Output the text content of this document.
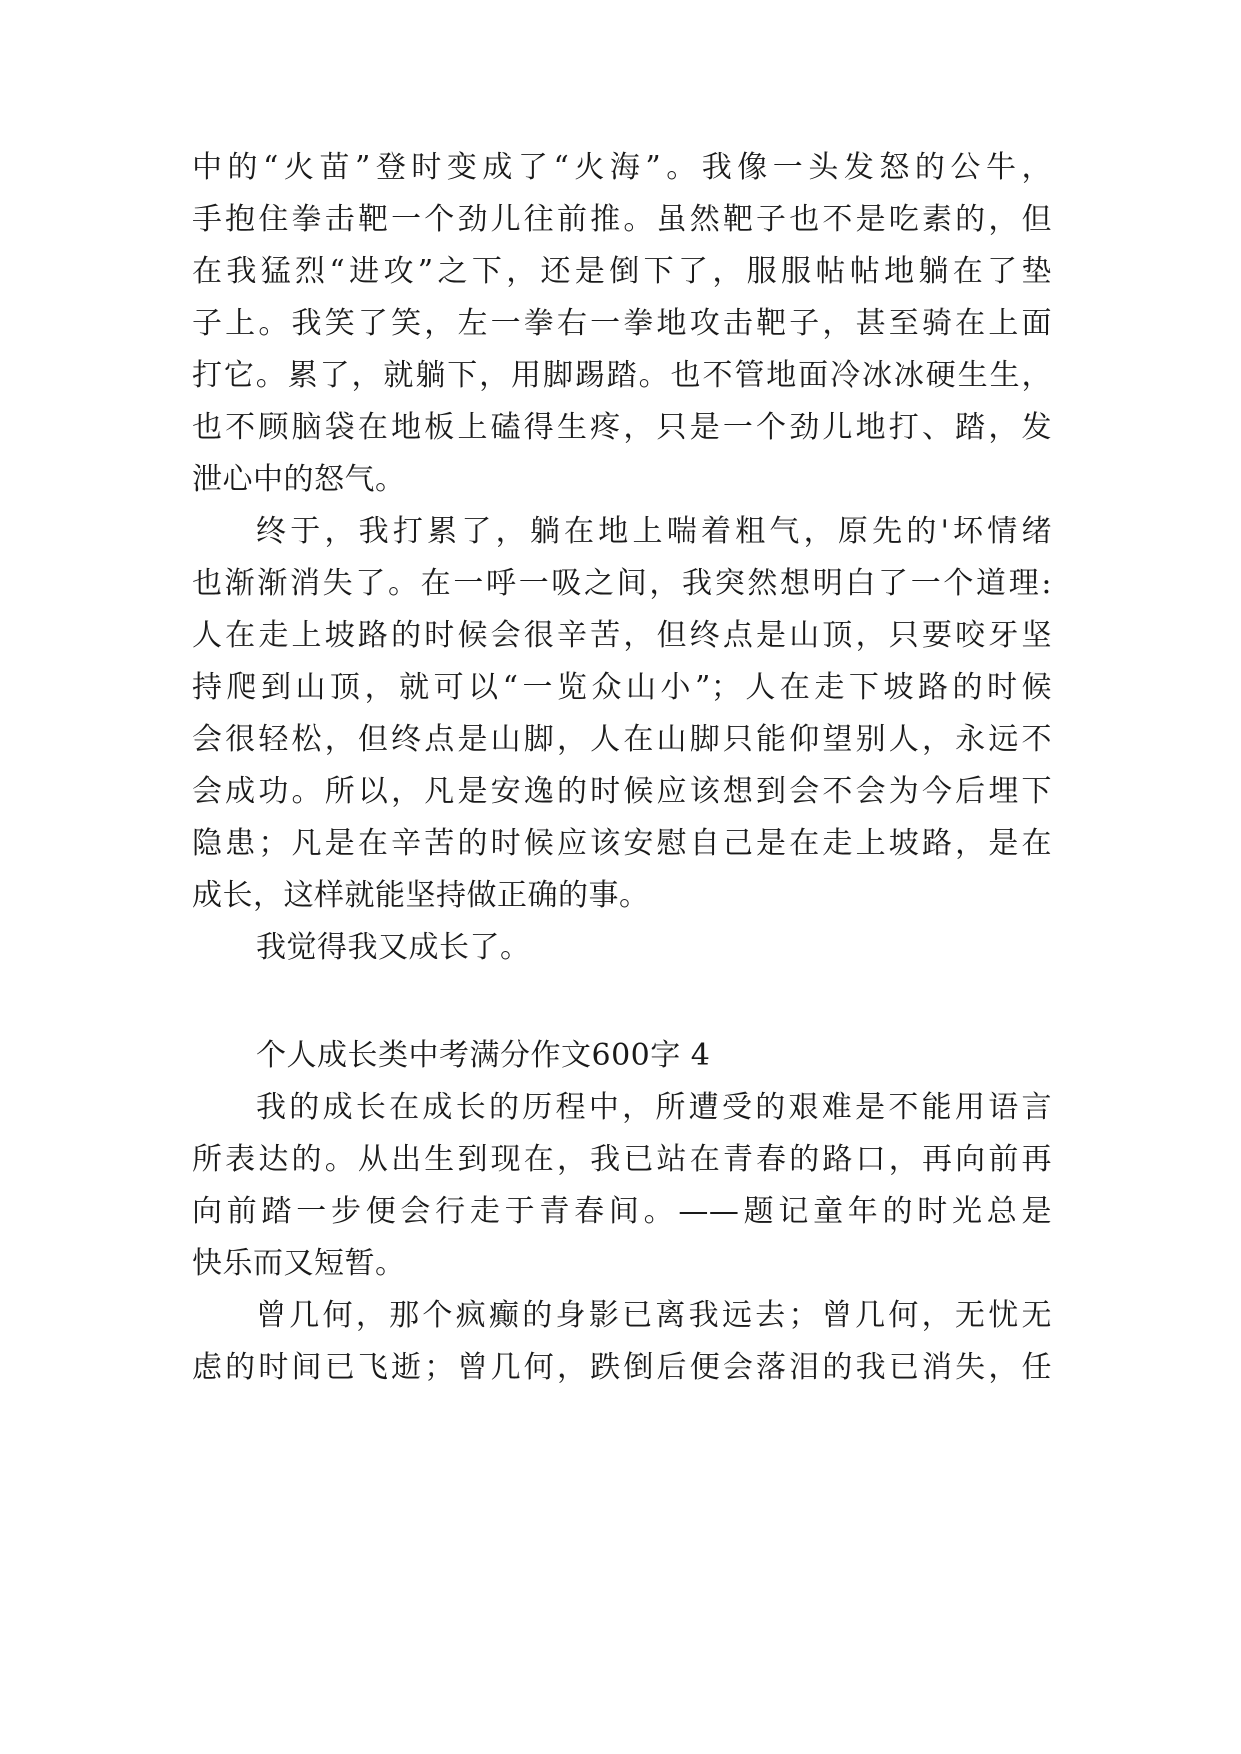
中的“火苗”登时变成了“火海”。我像一头发怒的公牛，
手抱住拳击靶一个劲儿往前推。虽然靶子也不是吃素的，但
在我猛烈“进攻”之下，还是倒下了，服服帖帖地躺在了垫
子上。我笑了笑，左一拳右一拳地攻击靶子，甚至骑在上面
打它。累了，就躺下，用脚踢踏。也不管地面冷冰冰硬生生，
也不顾脑袋在地板上磕得生疼，只是一个劲儿地打、踏，发
泄心中的怒气。
终于，我打累了，躺在地上喘着粗气，原先的'坏情绪
也渐渐消失了。在一呼一吸之间，我突然想明白了一个道理:
人在走上坡路的时候会很辛苦，但终点是山顶，只要咬牙坚
持爬到山顶，就可以“一览众山小”；人在走下坡路的时候
会很轻松，但终点是山脚，人在山脚只能仰望别人，永远不
会成功。所以，凡是安逸的时候应该想到会不会为今后埋下
隐患；凡是在辛苦的时候应该安慰自己是在走上坡路，是在
成长，这样就能坚持做正确的事。
我觉得我又成长了。
个人成长类中考满分作文600字 4
我的成长在成长的历程中，所遭受的艰难是不能用语言
所表达的。从出生到现在，我已站在青春的路口，再向前再
向前踏一步便会行走于青春间。——题记童年的时光总是
快乐而又短暂。
曾几何，那个疯癫的身影已离我远去；曾几何，无忧无
虑的时间已飞逝；曾几何，跌倒后便会落泪的我已消失，任
